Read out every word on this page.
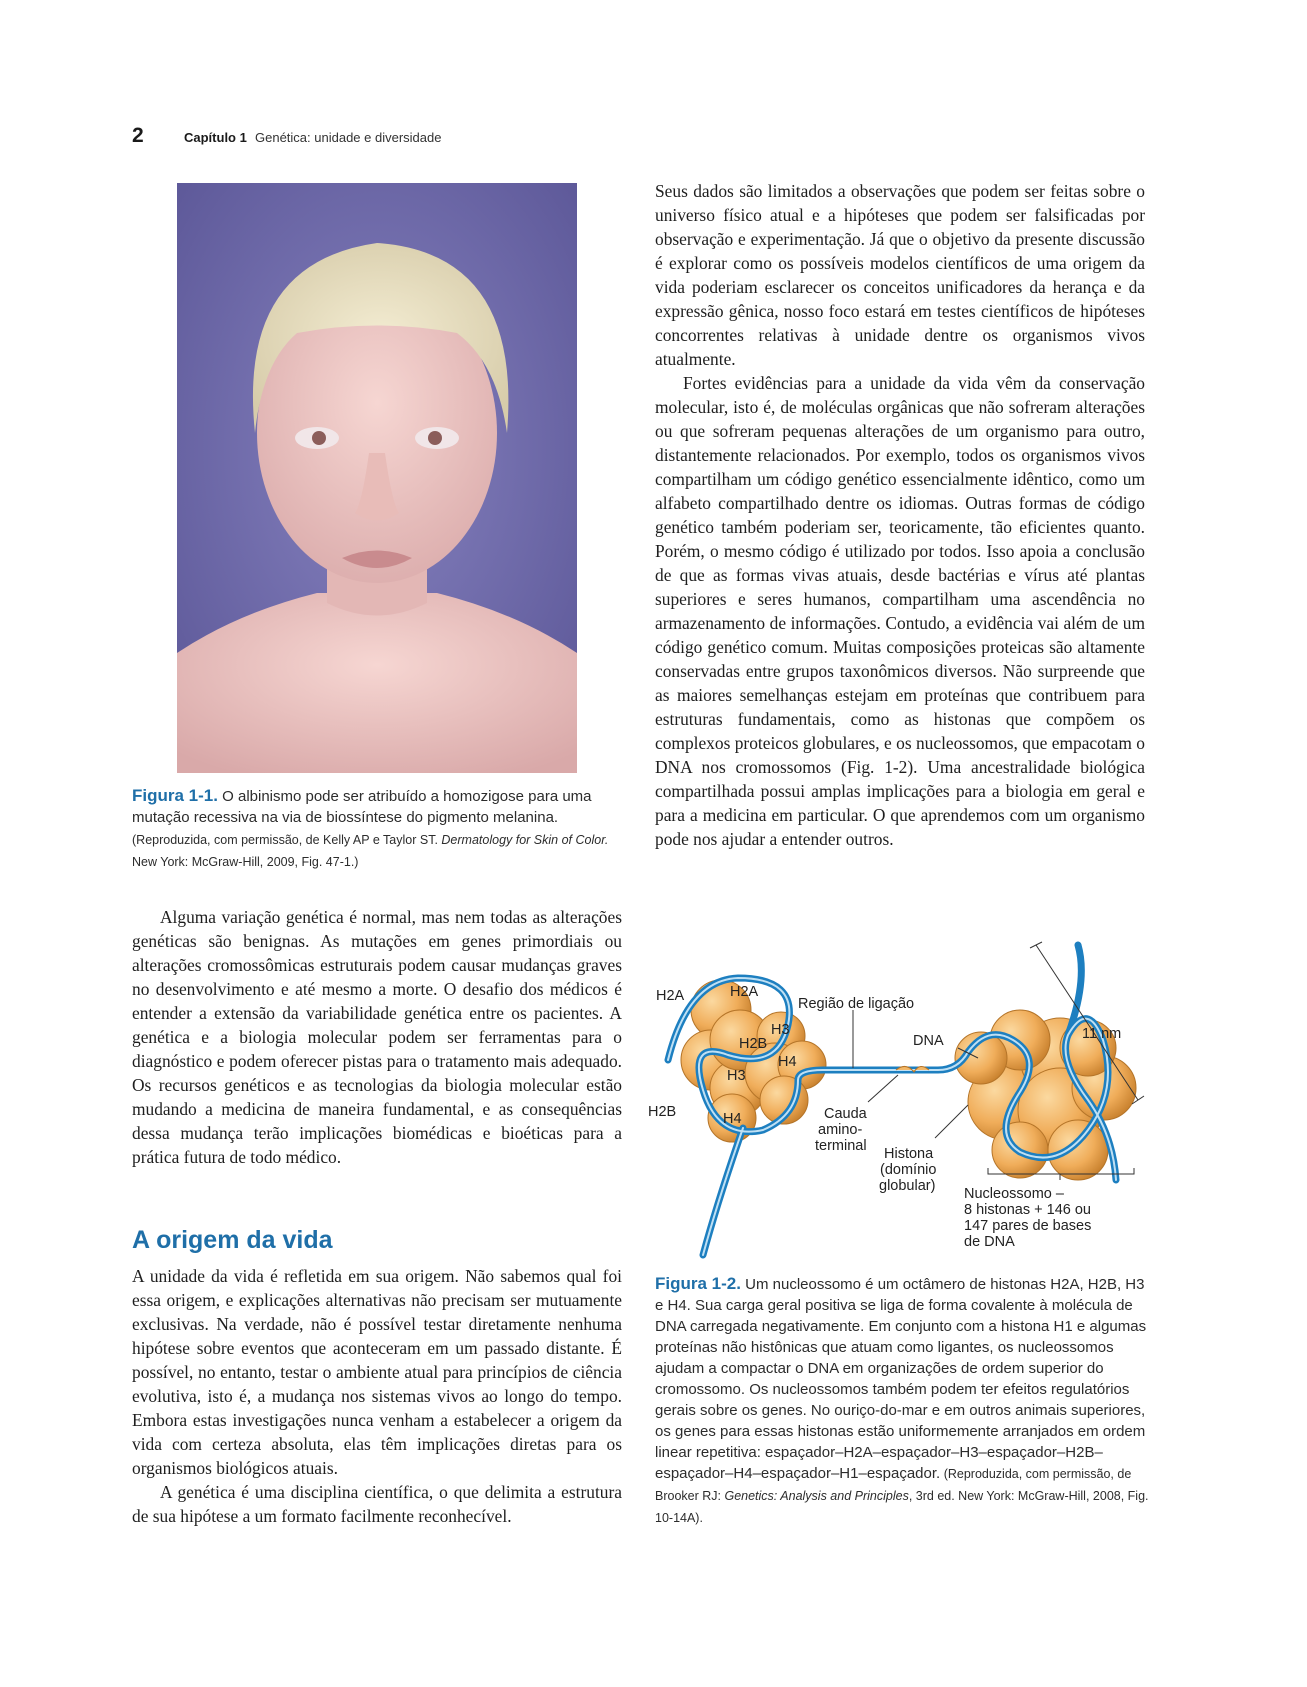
2	Capítulo 1 Genética: unidade e diversidade
Figura 1-1. O albinismo pode ser atribuído a homozigose para uma mutação recessiva na via de biossíntese do pigmento melanina. (Reproduzida, com permissão, de Kelly AP e Taylor ST. Dermatology for Skin of Color. New York: McGraw-Hill, 2009, Fig. 47-1.)

Alguma variação genética é normal, mas nem todas as alterações genéticas são benignas. As mutações em genes primordiais ou alterações cromossômicas estruturais podem causar mudanças graves no desenvolvimento e até mesmo a morte. O desafio dos médicos é entender a extensão da variabilidade genética entre os pacientes. A genética e a biologia molecular podem ser ferramentas para o diagnóstico e podem oferecer pistas para o tratamento mais adequado. Os recursos genéticos e as tecnologias da biologia molecular estão mudando a medicina de maneira fundamental, e as consequências dessa mudança terão implicações biomédicas e bioéticas para a prática futura de todo médico.

A origem da vida

A unidade da vida é refletida em sua origem. Não sabemos qual foi essa origem, e explicações alternativas não precisam ser mutuamente exclusivas. Na verdade, não é possível testar diretamente nenhuma hipótese sobre eventos que aconteceram em um passado distante. É possível, no entanto, testar o ambiente atual para princípios de ciência evolutiva, isto é, a mudança nos sistemas vivos ao longo do tempo. Embora estas investigações nunca venham a estabelecer a origem da vida com certeza absoluta, elas têm implicações diretas para os organismos biológicos atuais.

A genética é uma disciplina científica, o que delimita a estrutura de sua hipótese a um formato facilmente reconhecível.

Seus dados são limitados a observações que podem ser feitas sobre o universo físico atual e a hipóteses que podem ser falsificadas por observação e experimentação. Já que o objetivo da presente discussão é explorar como os possíveis modelos científicos de uma origem da vida poderiam esclarecer os conceitos unificadores da herança e da expressão gênica, nosso foco estará em testes científicos de hipóteses concorrentes relativas à unidade dentre os organismos vivos atualmente.

Fortes evidências para a unidade da vida vêm da conservação molecular, isto é, de moléculas orgânicas que não sofreram alterações ou que sofreram pequenas alterações de um organismo para outro, distantemente relacionados. Por exemplo, todos os organismos vivos compartilham um código genético essencialmente idêntico, como um alfabeto compartilhado dentre os idiomas. Outras formas de código genético também poderiam ser, teoricamente, tão eficientes quanto. Porém, o mesmo código é utilizado por todos. Isso apoia a conclusão de que as formas vivas atuais, desde bactérias e vírus até plantas superiores e seres humanos, compartilham uma ascendência no armazenamento de informações. Contudo, a evidência vai além de um código genético comum. Muitas composições proteicas são altamente conservadas entre grupos taxonômicos diversos. Não surpreende que as maiores semelhanças estejam em proteínas que contribuem para estruturas fundamentais, como as histonas que compõem os complexos proteicos globulares, e os nucleossomos, que empacotam o DNA nos cromossomos (Fig. 1-2). Uma ancestralidade biológica compartilhada possui amplas implicações para a biologia em geral e para a medicina em particular. O que aprendemos com um organismo pode nos ajudar a entender outros.

H2A	H2A
H3
H2B
H4
H3
H2B	H4
Região de ligação
DNA	11 nm
Cauda
amino-
terminal Histona
(domínio
globular) Nucleossomo –
8 histonas + 146 ou
147 pares de bases
de DNA
Figura 1-2. Um nucleossomo é um octâmero de histonas H2A, H2B, H3 e H4. Sua carga geral positiva se liga de forma covalente à molécula de DNA carregada negativamente. Em conjunto com a histona H1 e algumas proteínas não histônicas que atuam como ligantes, os nucleossomos ajudam a compactar o DNA em organizações de ordem superior do cromossomo. Os nucleossomos também podem ter efeitos regulatórios gerais sobre os genes. No ouriço-do-mar e em outros animais superiores, os genes para essas histonas estão uniformemente arranjados em ordem linear repetitiva: espaçador–H2A–espaçador–H3–espaçador–H2B–espaçador–H4–espaçador–H1–espaçador. (Reproduzida, com permissão, de Brooker RJ: Genetics: Analysis and Principles, 3rd ed. New York: McGraw-Hill, 2008, Fig. 10-14A).
